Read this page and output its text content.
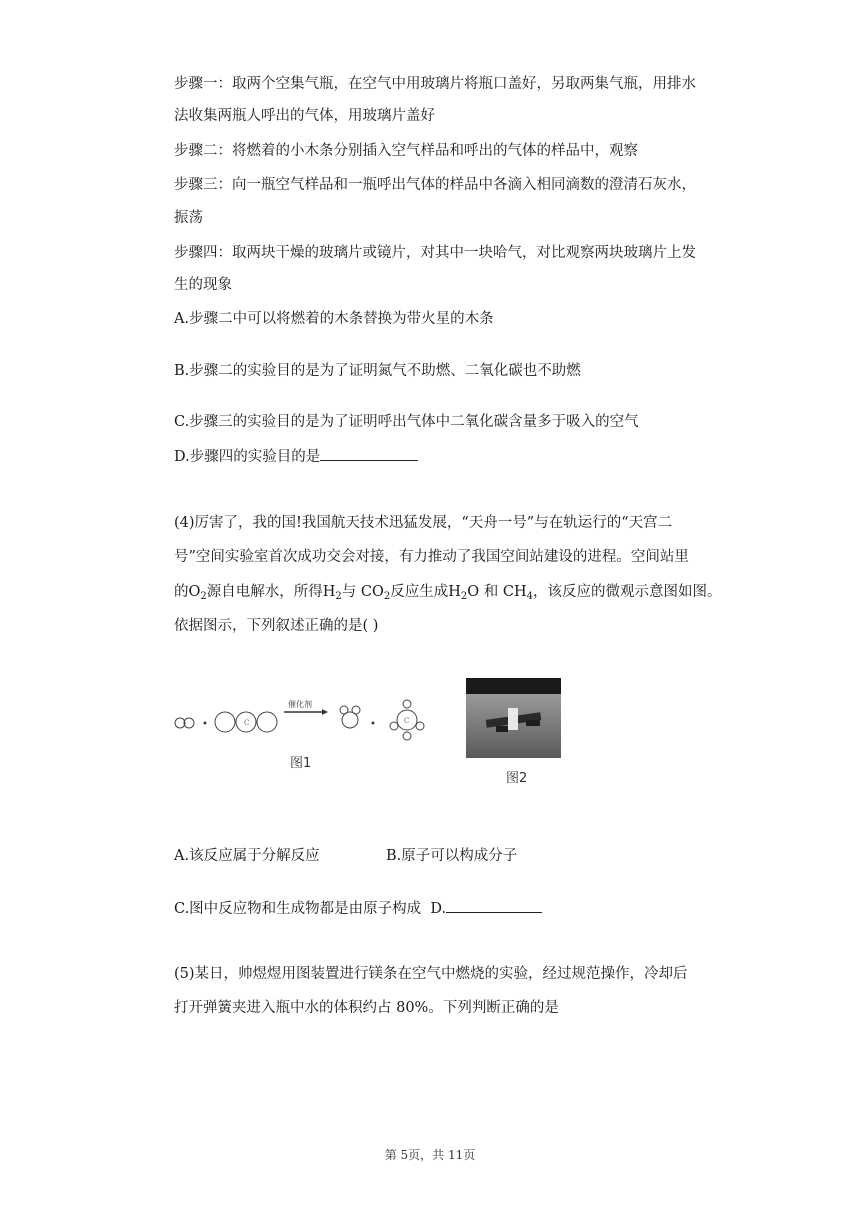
步骤一：取两个空集气瓶，在空气中用玻璃片将瓶口盖好，另取两集气瓶，用排水
法收集两瓶人呼出的气体，用玻璃片盖好
步骤二：将燃着的小木条分别插入空气样品和呼出的气体的样品中，观察
步骤三：向一瓶空气样品和一瓶呼出气体的样品中各滴入相同滴数的澄清石灰水，
振荡
步骤四：取两块干燥的玻璃片或镜片，对其中一块哈气，对比观察两块玻璃片上发
生的现象
A.步骤二中可以将燃着的木条替换为带火星的木条
B.步骤二的实验目的是为了证明氮气不助燃、二氧化碳也不助燃
C.步骤三的实验目的是为了证明呼出气体中二氧化碳含量多于吸入的空气
D.步骤四的实验目的是
(4)厉害了，我的国!我国航天技术迅猛发展，“天舟一号”与在轨运行的“天宫二
号”空间实验室首次成功交会对接，有力推动了我国空间站建设的进程。空间站里
的$O_2$源自电解水，所得$H_2$与 $CO_2$反应生成$H_2O$ 和 $CH_4$，该反应的微观示意图如图。
依据图示，下列叙述正确的是( )
•	C
催化剂
•	C
图1
图2
A.该反应属于分解反应	B.原子可以构成分子
C.图中反应物和生成物都是由原子构成 D.
(5)某日，帅煜煜用图装置进行镁条在空气中燃烧的实验，经过规范操作，冷却后
打开弹簧夹进入瓶中水的体积约占 80%。下列判断正确的是
第 5页，共 11页
